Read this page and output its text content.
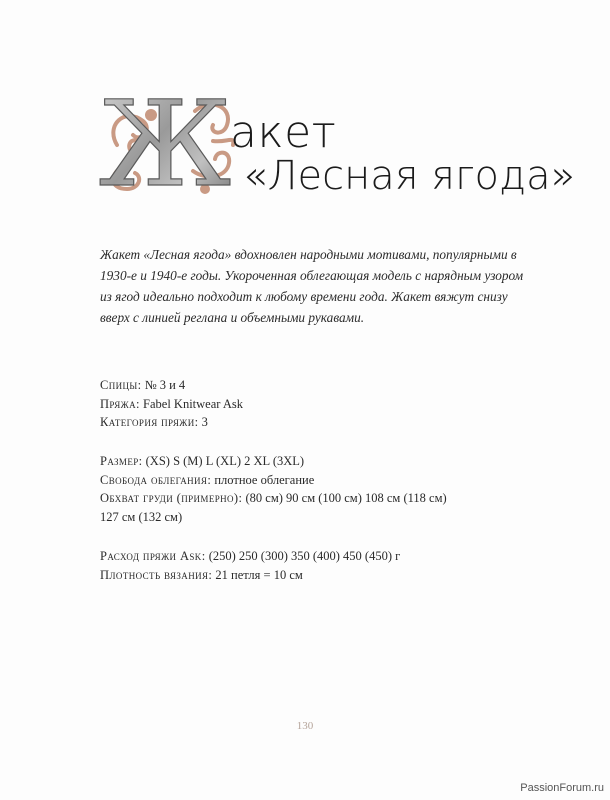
Ж
акет
«Лесная ягода»
Жакет «Лесная ягода» вдохновлен народными мотивами, популярными в 1930-е и 1940-е годы. Укороченная облегающая модель с нарядным узором из ягод идеально подходит к любому времени года. Жакет вяжут снизу вверх с линией реглана и объемными рукавами.
Спицы: № 3 и 4
Пряжа: Fabel Knitwear Ask
Категория пряжи: 3
Размер: (XS) S (M) L (XL) 2 XL (3XL)
Свобода облегания: плотное облегание
Обхват груди (примерно): (80 см) 90 см (100 см) 108 см (118 см)
127 см (132 см)
Расход пряжи Ask: (250) 250 (300) 350 (400) 450 (450) г
Плотность вязания: 21 петля = 10 см
130
PassionForum.ru
